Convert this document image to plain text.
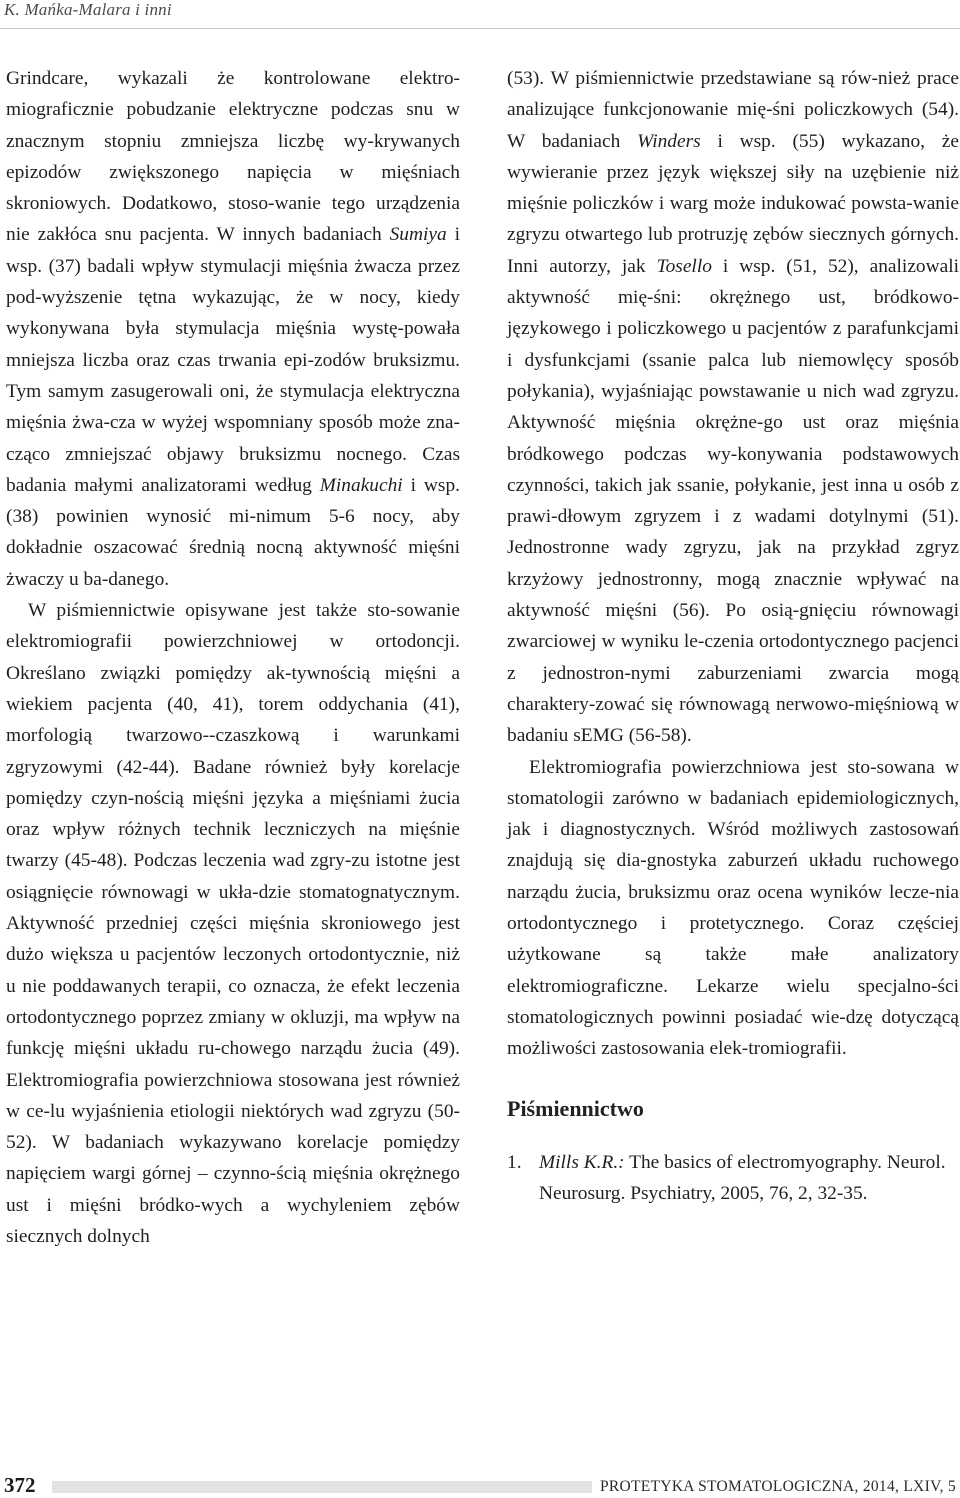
K. Mańka-Malara i inni

Grindcare, wykazali że kontrolowane elektro-miograficznie pobudzanie elektryczne podczas snu w znacznym stopniu zmniejsza liczbę wy-krywanych epizodów zwiększonego napięcia w mięśniach skroniowych. Dodatkowo, stoso-wanie tego urządzenia nie zakłóca snu pacjenta. W innych badaniach Sumiya i wsp. (37) badali wpływ stymulacji mięśnia żwacza przez pod-wyższenie tętna wykazując, że w nocy, kiedy wykonywana była stymulacja mięśnia wystę-powała mniejsza liczba oraz czas trwania epi-zodów bruksizmu. Tym samym zasugerowali oni, że stymulacja elektryczna mięśnia żwa-cza w wyżej wspomniany sposób może zna-cząco zmniejszać objawy bruksizmu nocnego. Czas badania małymi analizatorami według Minakuchi i wsp. (38) powinien wynosić mi-nimum 5-6 nocy, aby dokładnie oszacować średnią nocną aktywność mięśni żwaczy u ba-danego.

W piśmiennictwie opisywane jest także sto-sowanie elektromiografii powierzchniowej w ortodoncji. Określano związki pomiędzy ak-tywnością mięśni a wiekiem pacjenta (40, 41), torem oddychania (41), morfologią twarzowo--czaszkową i warunkami zgryzowymi (42-44). Badane również były korelacje pomiędzy czyn-nością mięśni języka a mięśniami żucia oraz wpływ różnych technik leczniczych na mięśnie twarzy (45-48). Podczas leczenia wad zgry-zu istotne jest osiągnięcie równowagi w ukła-dzie stomatognatycznym. Aktywność przedniej części mięśnia skroniowego jest dużo większa u pacjentów leczonych ortodontycznie, niż u nie poddawanych terapii, co oznacza, że efekt leczenia ortodontycznego poprzez zmiany w okluzji, ma wpływ na funkcję mięśni układu ru-chowego narządu żucia (49). Elektromiografia powierzchniowa stosowana jest również w ce-lu wyjaśnienia etiologii niektórych wad zgryzu (50-52). W badaniach wykazywano korelacje pomiędzy napięciem wargi górnej – czynno-ścią mięśnia okrężnego ust i mięśni bródko-wych a wychyleniem zębów siecznych dolnych

(53). W piśmiennictwie przedstawiane są rów-nież prace analizujące funkcjonowanie mię-śni policzkowych (54). W badaniach Winders i wsp. (55) wykazano, że wywieranie przez język większej siły na uzębienie niż mięśnie policzków i warg może indukować powsta-wanie zgryzu otwartego lub protruzję zębów siecznych górnych. Inni autorzy, jak Tosello i wsp. (51, 52), analizowali aktywność mię-śni: okrężnego ust, bródkowo-językowego i policzkowego u pacjentów z parafunkcjami i dysfunkcjami (ssanie palca lub niemowlęcy sposób połykania), wyjaśniając powstawanie u nich wad zgryzu. Aktywność mięśnia okrężne-go ust oraz mięśnia bródkowego podczas wy-konywania podstawowych czynności, takich jak ssanie, połykanie, jest inna u osób z prawi-dłowym zgryzem i z wadami dotylnymi (51). Jednostronne wady zgryzu, jak na przykład zgryz krzyżowy jednostronny, mogą znacznie wpływać na aktywność mięśni (56). Po osią-gnięciu równowagi zwarciowej w wyniku le-czenia ortodontycznego pacjenci z jednostron-nymi zaburzeniami zwarcia mogą charaktery-zować się równowagą nerwowo-mięśniową w badaniu sEMG (56-58).

Elektromiografia powierzchniowa jest sto-sowana w stomatologii zarówno w badaniach epidemiologicznych, jak i diagnostycznych. Wśród możliwych zastosowań znajdują się dia-gnostyka zaburzeń układu ruchowego narządu żucia, bruksizmu oraz ocena wyników lecze-nia ortodontycznego i protetycznego. Coraz częściej użytkowane są także małe analizatory elektromiograficzne. Lekarze wielu specjalno-ści stomatologicznych powinni posiadać wie-dzę dotyczącą możliwości zastosowania elek-tromiografii.

Piśmiennictwo
1. Mills K.R.: The basics of electromyography. Neurol. Neurosurg. Psychiatry, 2005, 76, 2, 32-35.
372	PROTETYKA STOMATOLOGICZNA, 2014, LXIV, 5
